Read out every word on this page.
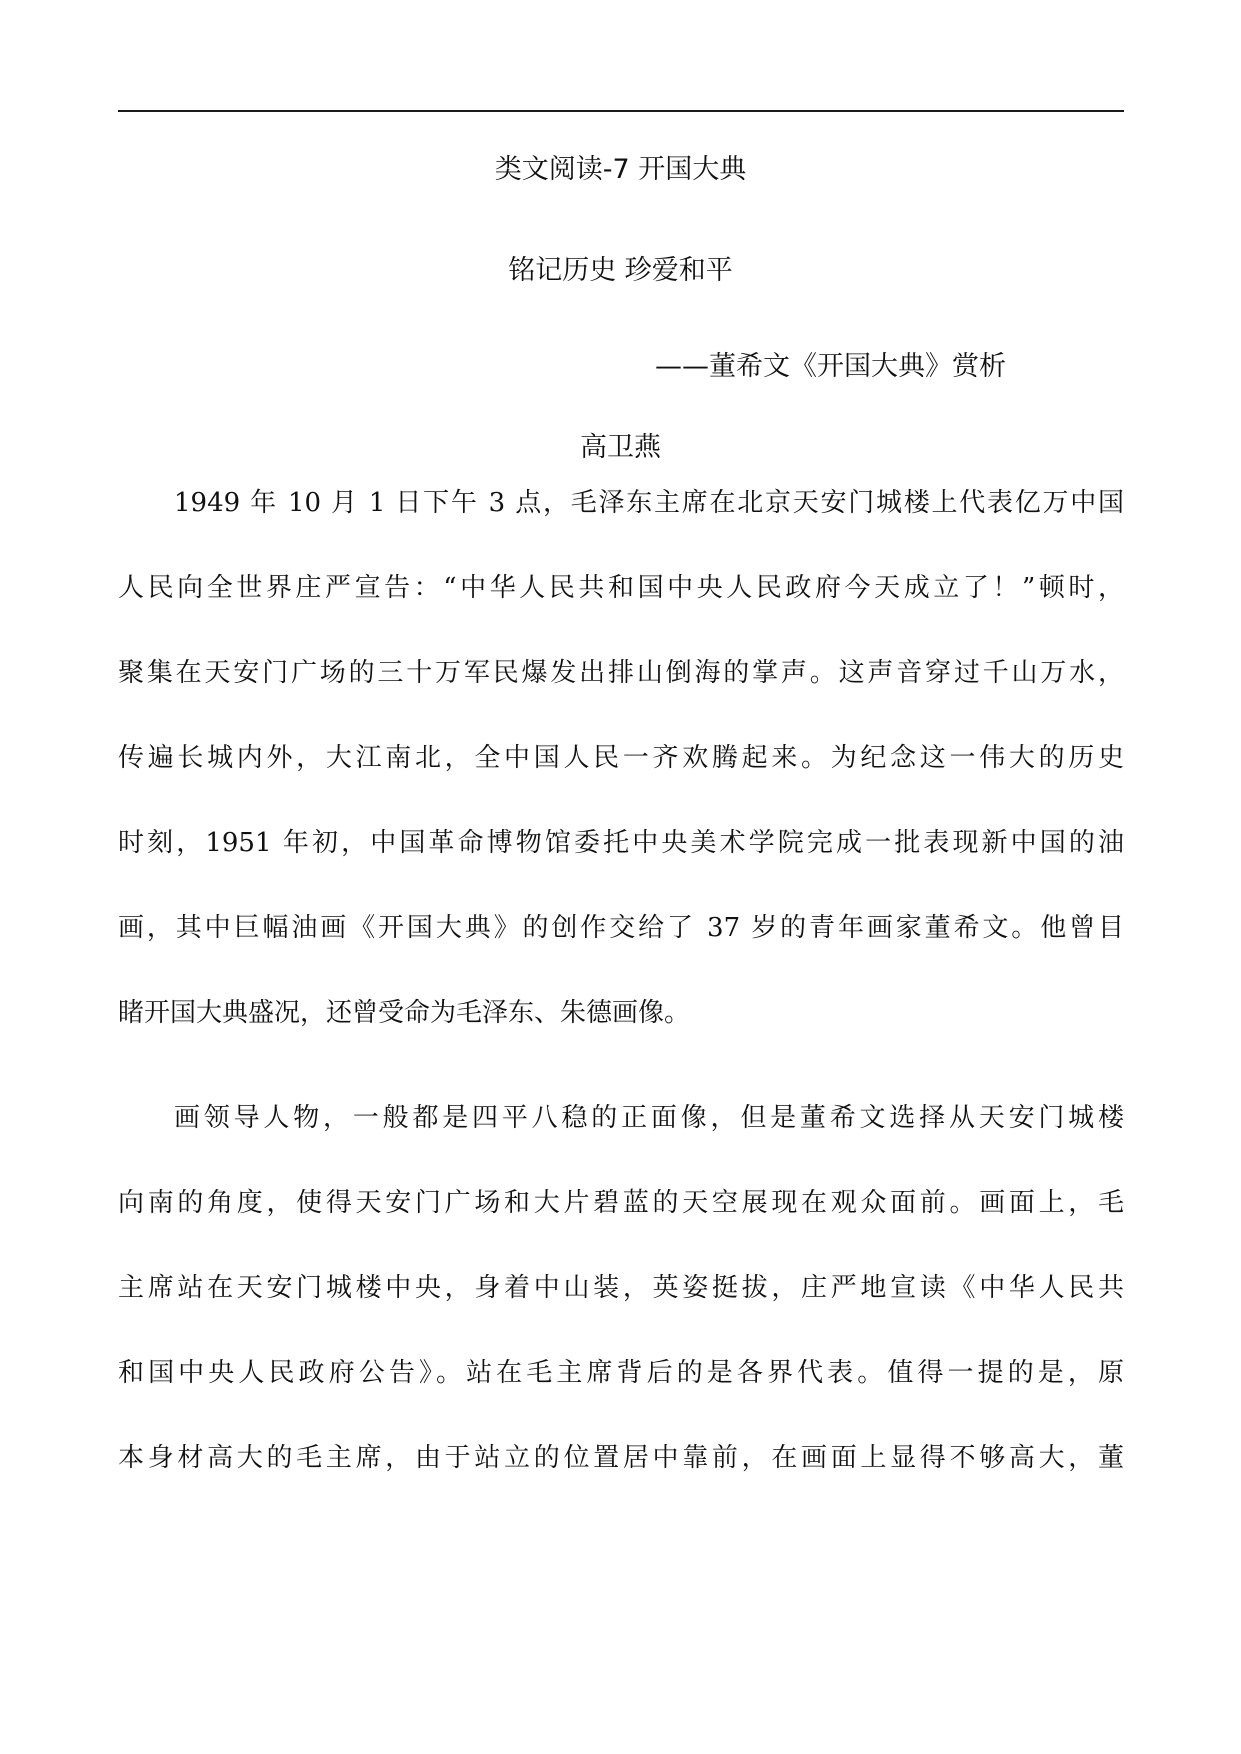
类文阅读-7 开国大典
铭记历史 珍爱和平
——董希文《开国大典》赏析
高卫燕
1949 年 10 月 1 日下午 3 点，毛泽东主席在北京天安门城楼上代表亿万中国
人民向全世界庄严宣告：“中华人民共和国中央人民政府今天成立了！”顿时，
聚集在天安门广场的三十万军民爆发出排山倒海的掌声。这声音穿过千山万水，
传遍长城内外，大江南北，全中国人民一齐欢腾起来。为纪念这一伟大的历史
时刻，1951 年初，中国革命博物馆委托中央美术学院完成一批表现新中国的油
画，其中巨幅油画《开国大典》的创作交给了 37 岁的青年画家董希文。他曾目
睹开国大典盛况，还曾受命为毛泽东、朱德画像。
画领导人物，一般都是四平八稳的正面像，但是董希文选择从天安门城楼
向南的角度，使得天安门广场和大片碧蓝的天空展现在观众面前。画面上，毛
主席站在天安门城楼中央，身着中山装，英姿挺拔，庄严地宣读《中华人民共
和国中央人民政府公告》。站在毛主席背后的是各界代表。值得一提的是，原
本身材高大的毛主席，由于站立的位置居中靠前，在画面上显得不够高大，董
